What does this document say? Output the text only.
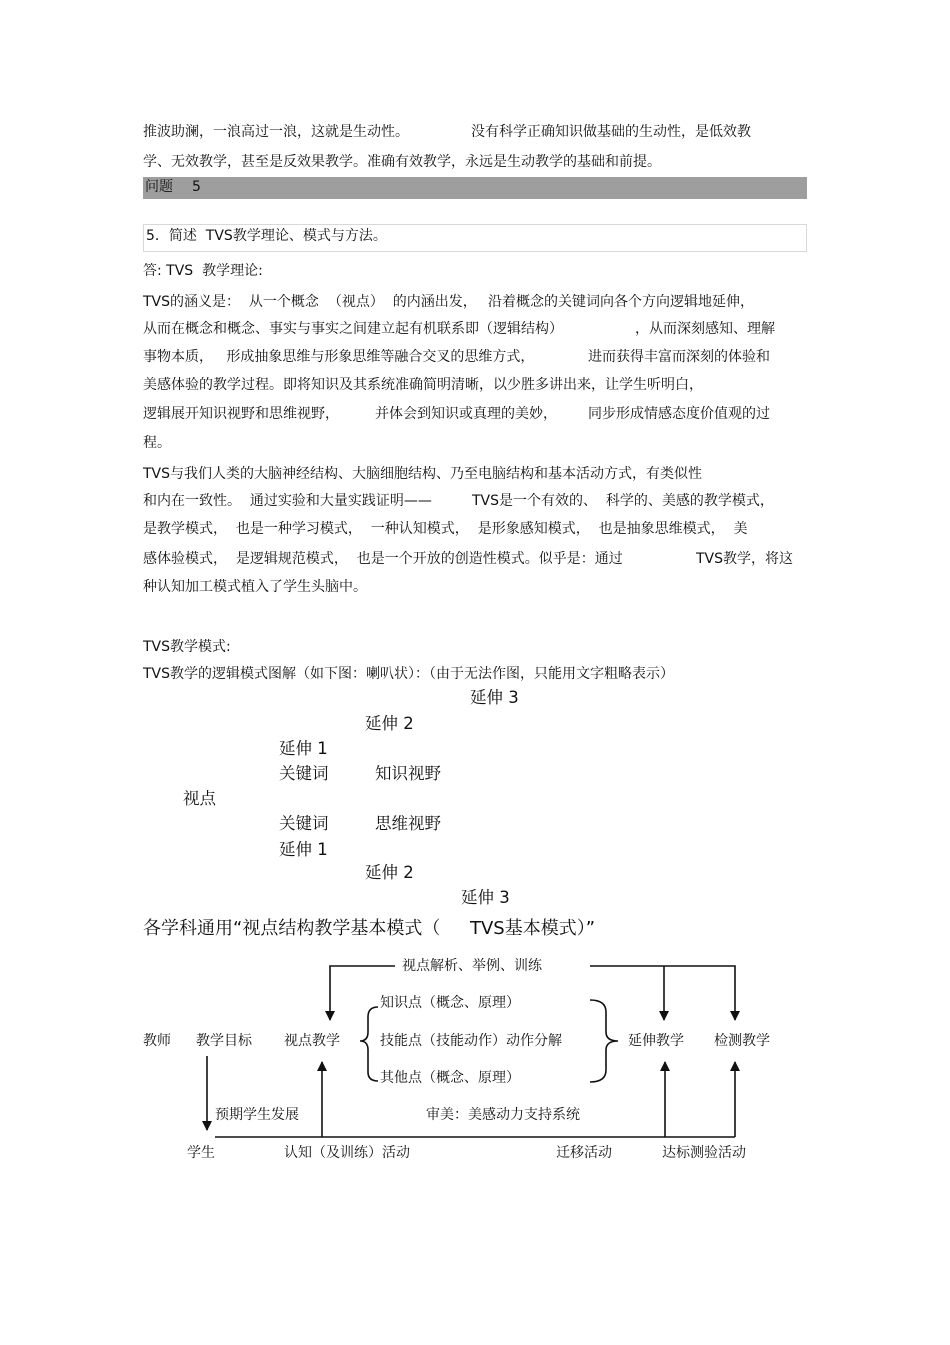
推波助澜，一浪高过一浪，这就是生动性。	没有科学正确知识做基础的生动性，是低效教
学、无效教学，甚至是反效果教学。准确有效教学，永远是生动教学的基础和前提。
问题 5
5．简述  TVS教学理论、模式与方法。
答: TVS  教学理论:
TVS的涵义是：  从一个概念  （视点）  的内涵出发， 沿着概念的关键词向各个方向逻辑地延伸，
从而在概念和概念、事实与事实之间建立起有机联系即（逻辑结构）	，从而深刻感知、理解
事物本质，   形成抽象思维与形象思维等融合交叉的思维方式，	进而获得丰富而深刻的体验和
美感体验的教学过程。即将知识及其系统准确简明清晰，以少胜多讲出来，让学生听明白，
逻辑展开知识视野和思维视野，	并体会到知识或真理的美妙， 同步形成情感态度价值观的过
程。
TVS与我们人类的大脑神经结构、大脑细胞结构、乃至电脑结构和基本活动方式，有类似性
和内在一致性。  通过实验和大量实践证明——	TVS是一个有效的、  科学的、美感的教学模式，
是教学模式，  也是一种学习模式，  一种认知模式，  是形象感知模式，  也是抽象思维模式，  美
感体验模式，  是逻辑规范模式，  也是一个开放的创造性模式。似乎是：通过	TVS教学，将这
种认知加工模式植入了学生头脑中。
TVS教学模式:
TVS教学的逻辑模式图解（如下图：喇叭状）：（由于无法作图，只能用文字粗略表示）
延伸 3
延伸 2
延伸 1
关键词	知识视野
视点
关键词	思维视野
延伸 1
延伸 2
延伸 3
各学科通用“视点结构教学基本模式（ TVS基本模式）”
视点解析、举例、训练
知识点（概念、原理）
教师 教学目标 视点教学	技能点（技能动作）动作分解	延伸教学 检测教学
其他点（概念、原理）
预期学生发展	审美：美感动力支持系统
学生	认知（及训练）活动	迁移活动	达标测验活动
